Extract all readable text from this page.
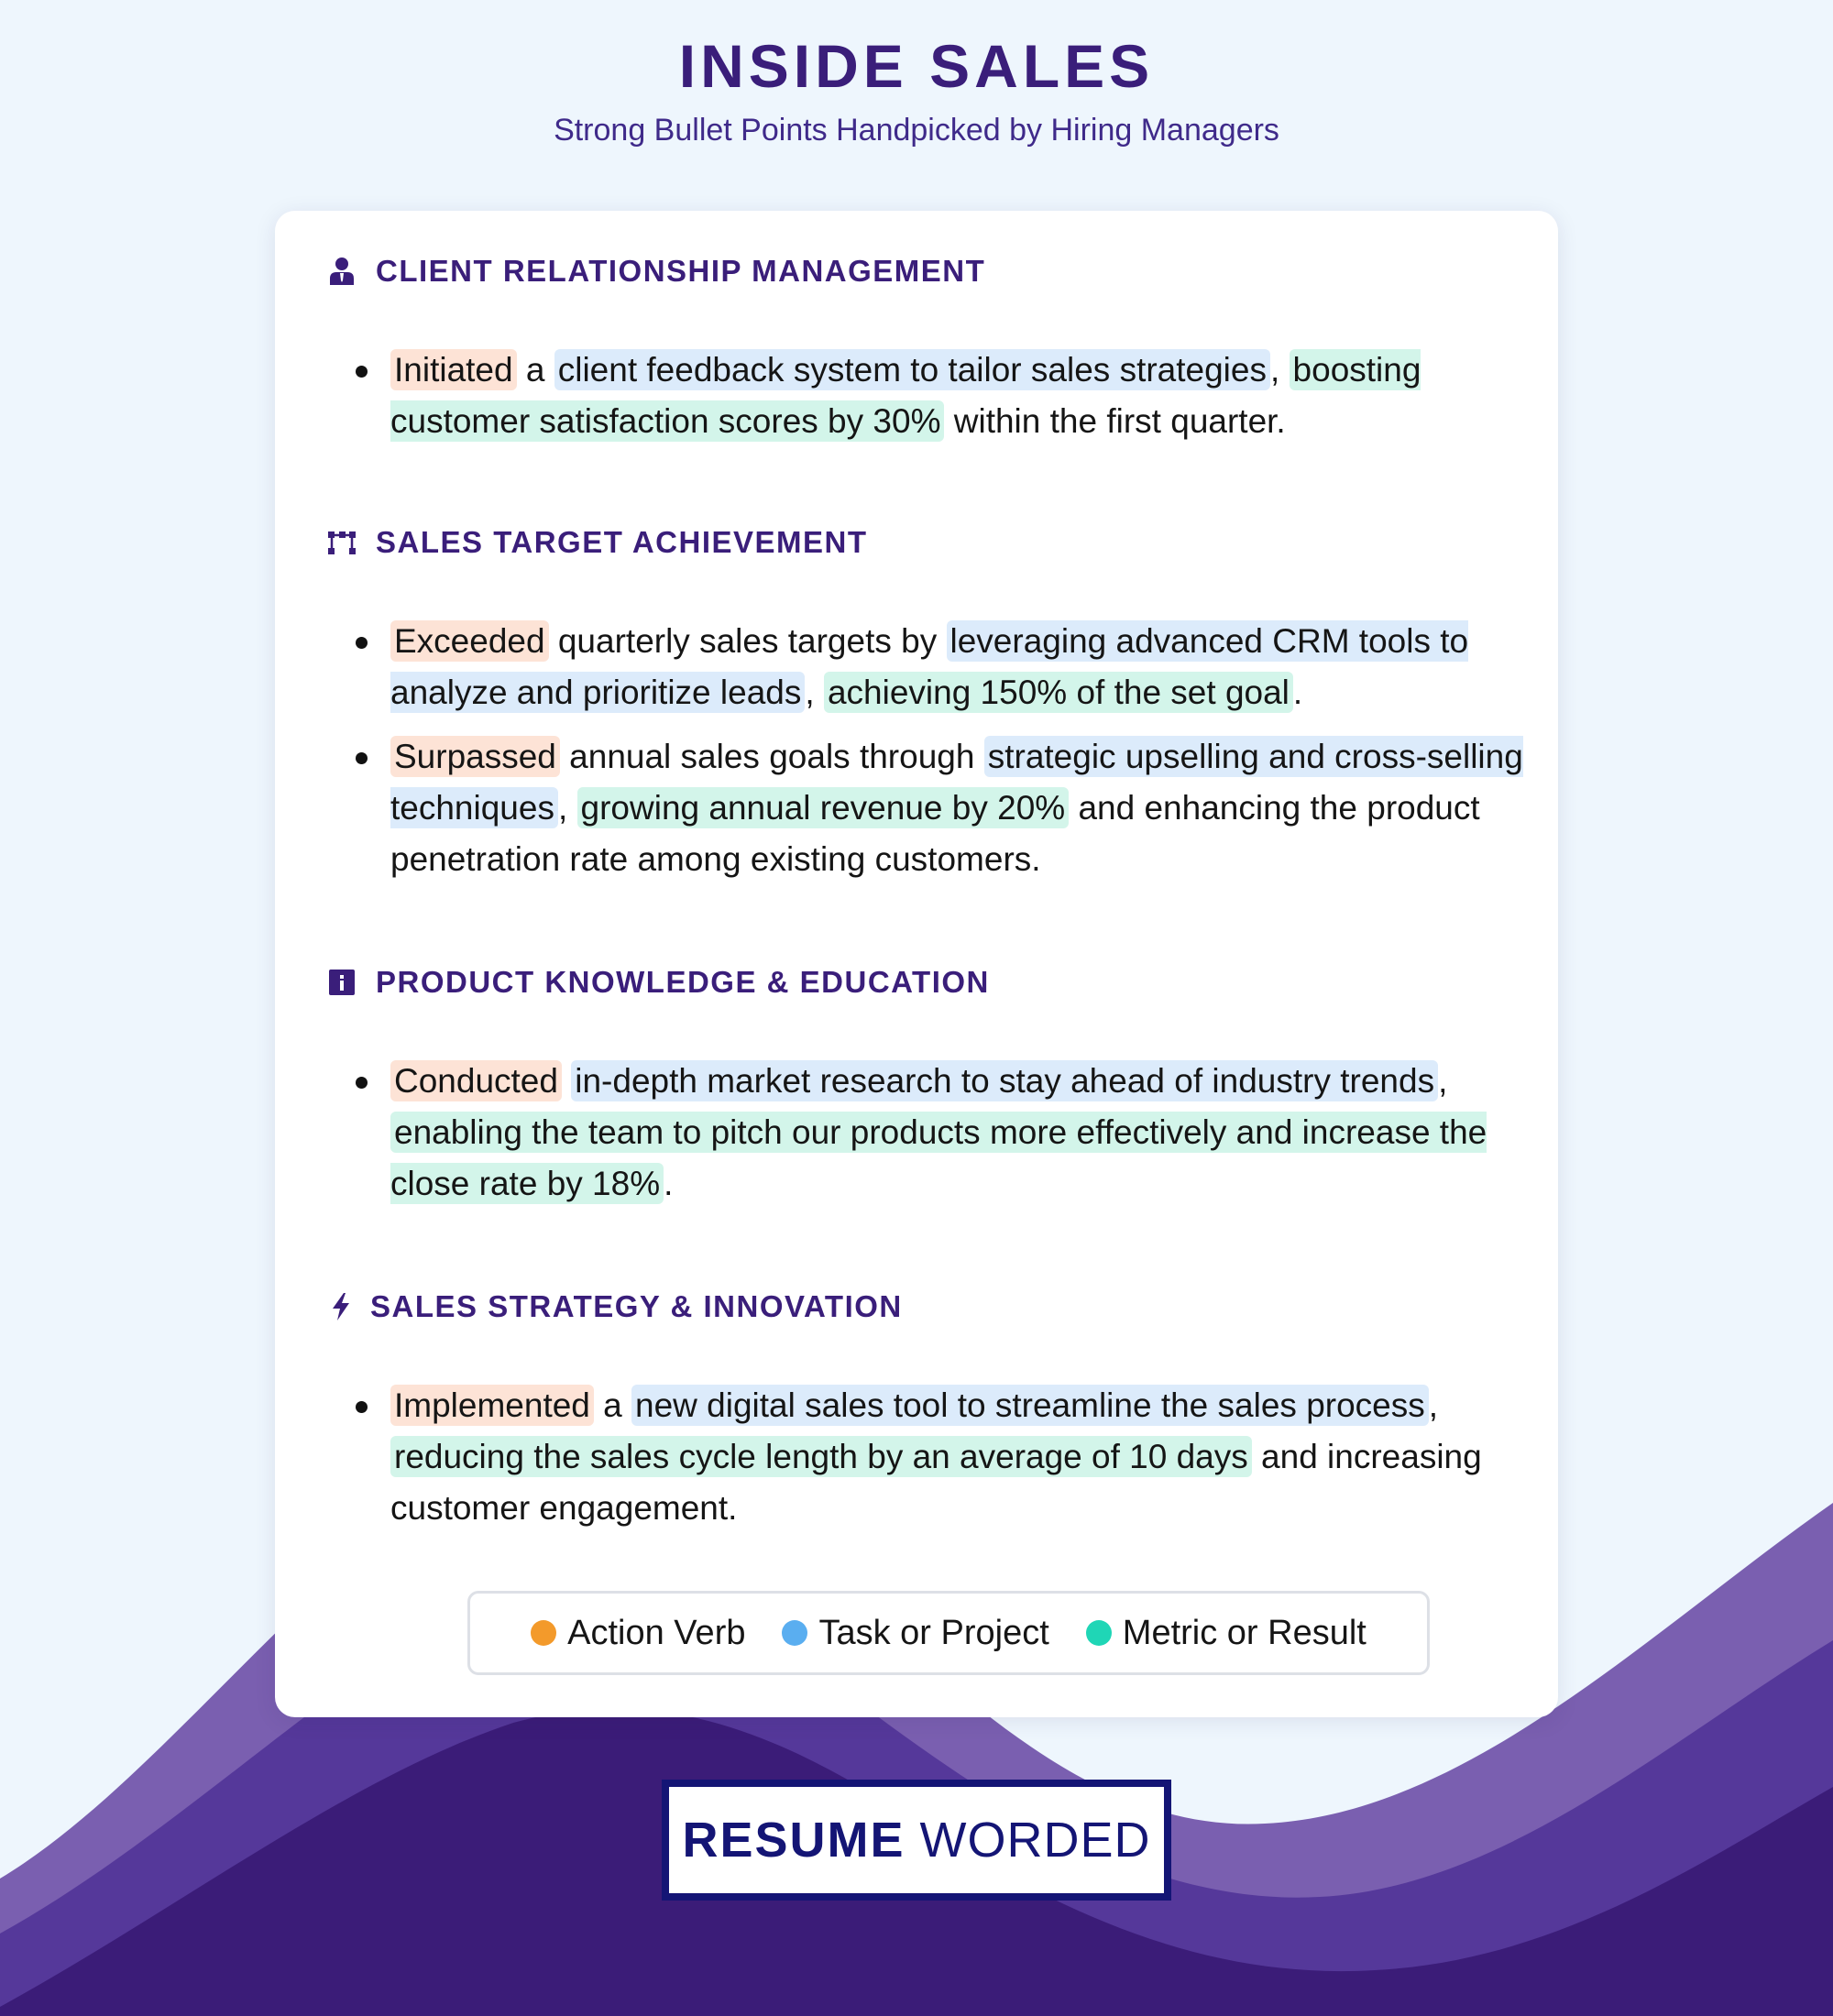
INSIDE SALES

Strong Bullet Points Handpicked by Hiring Managers

CLIENT RELATIONSHIP MANAGEMENT
Initiated a client feedback system to tailor sales strategies , boosting customer satisfaction scores by 30% within the first quarter.
SALES TARGET ACHIEVEMENT
Exceeded quarterly sales targets by leveraging advanced CRM tools to analyze and prioritize leads , achieving 150% of the set goal .
Surpassed annual sales goals through strategic upselling and cross-selling techniques , growing annual revenue by 20% and enhancing the product penetration rate among existing customers.
PRODUCT KNOWLEDGE & EDUCATION
Conducted in-depth market research to stay ahead of industry trends , enabling the team to pitch our products more effectively and increase the close rate by 18% .
SALES STRATEGY & INNOVATION
Implemented a new digital sales tool to streamline the sales process , reducing the sales cycle length by an average of 10 days and increasing customer engagement.
Action Verb Task or Project Metric or Result
RESUME WORDED
